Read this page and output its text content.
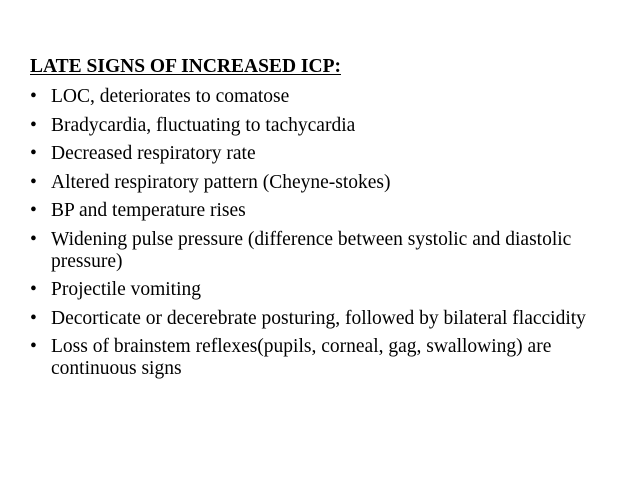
LATE SIGNS OF INCREASED ICP:
• LOC, deteriorates to comatose
• Bradycardia, fluctuating to tachycardia
• Decreased respiratory rate
• Altered respiratory pattern (Cheyne-stokes)
• BP and temperature rises
• Widening pulse pressure (difference between systolic and diastolic pressure)
• Projectile vomiting
• Decorticate or decerebrate posturing, followed by bilateral flaccidity
• Loss of brainstem reflexes(pupils, corneal, gag, swallowing) are continuous signs
